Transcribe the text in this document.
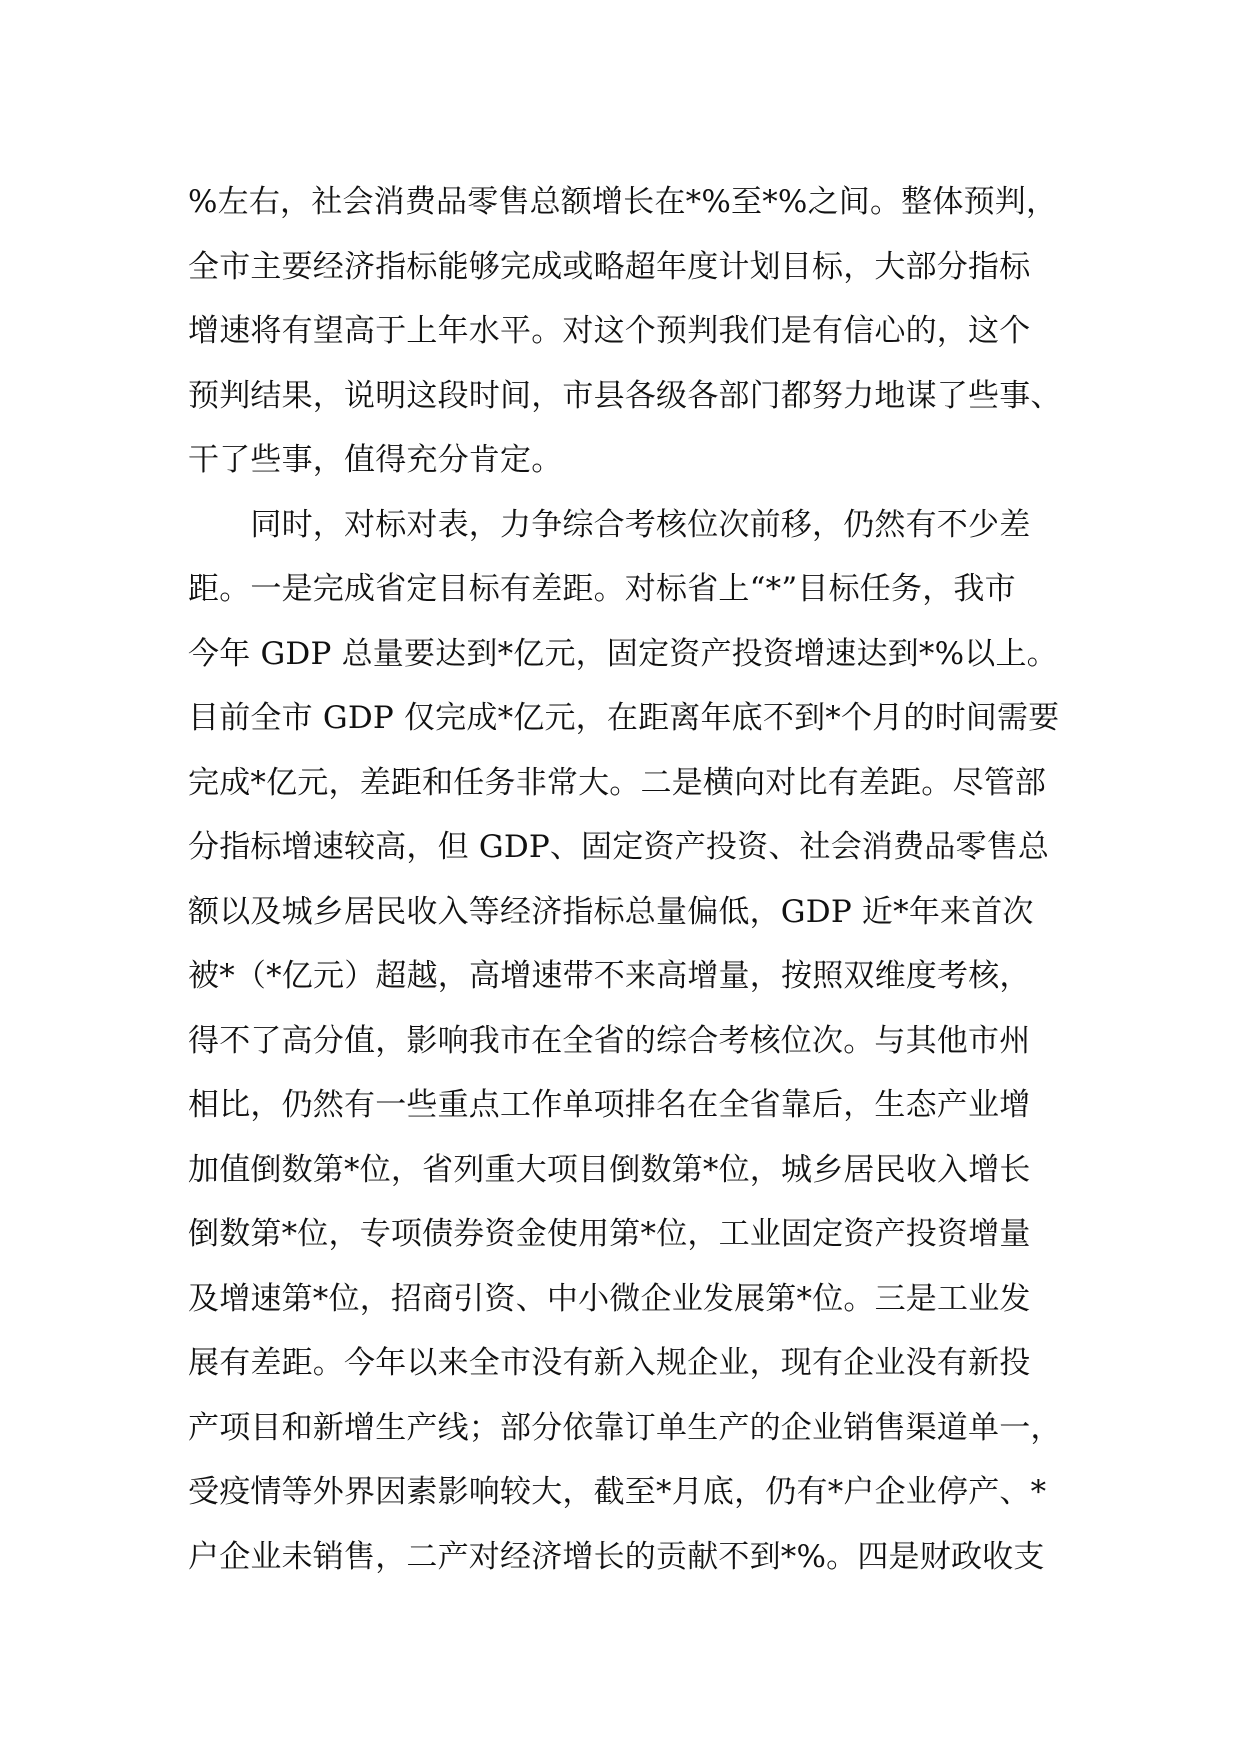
%左右，社会消费品零售总额增长在*%至*%之间。整体预判，
全市主要经济指标能够完成或略超年度计划目标，大部分指标
增速将有望高于上年水平。对这个预判我们是有信心的，这个
预判结果，说明这段时间，市县各级各部门都努力地谋了些事、
干了些事，值得充分肯定。
　　同时，对标对表，力争综合考核位次前移，仍然有不少差
距。一是完成省定目标有差距。对标省上“*”目标任务，我市
今年 GDP 总量要达到*亿元，固定资产投资增速达到*%以上。
目前全市 GDP 仅完成*亿元，在距离年底不到*个月的时间需要
完成*亿元，差距和任务非常大。二是横向对比有差距。尽管部
分指标增速较高，但 GDP、固定资产投资、社会消费品零售总
额以及城乡居民收入等经济指标总量偏低，GDP 近*年来首次
被*（*亿元）超越，高增速带不来高增量，按照双维度考核，
得不了高分值，影响我市在全省的综合考核位次。与其他市州
相比，仍然有一些重点工作单项排名在全省靠后，生态产业增
加值倒数第*位，省列重大项目倒数第*位，城乡居民收入增长
倒数第*位，专项债券资金使用第*位，工业固定资产投资增量
及增速第*位，招商引资、中小微企业发展第*位。三是工业发
展有差距。今年以来全市没有新入规企业，现有企业没有新投
产项目和新增生产线；部分依靠订单生产的企业销售渠道单一，
受疫情等外界因素影响较大，截至*月底，仍有*户企业停产、*
户企业未销售，二产对经济增长的贡献不到*%。四是财政收支
